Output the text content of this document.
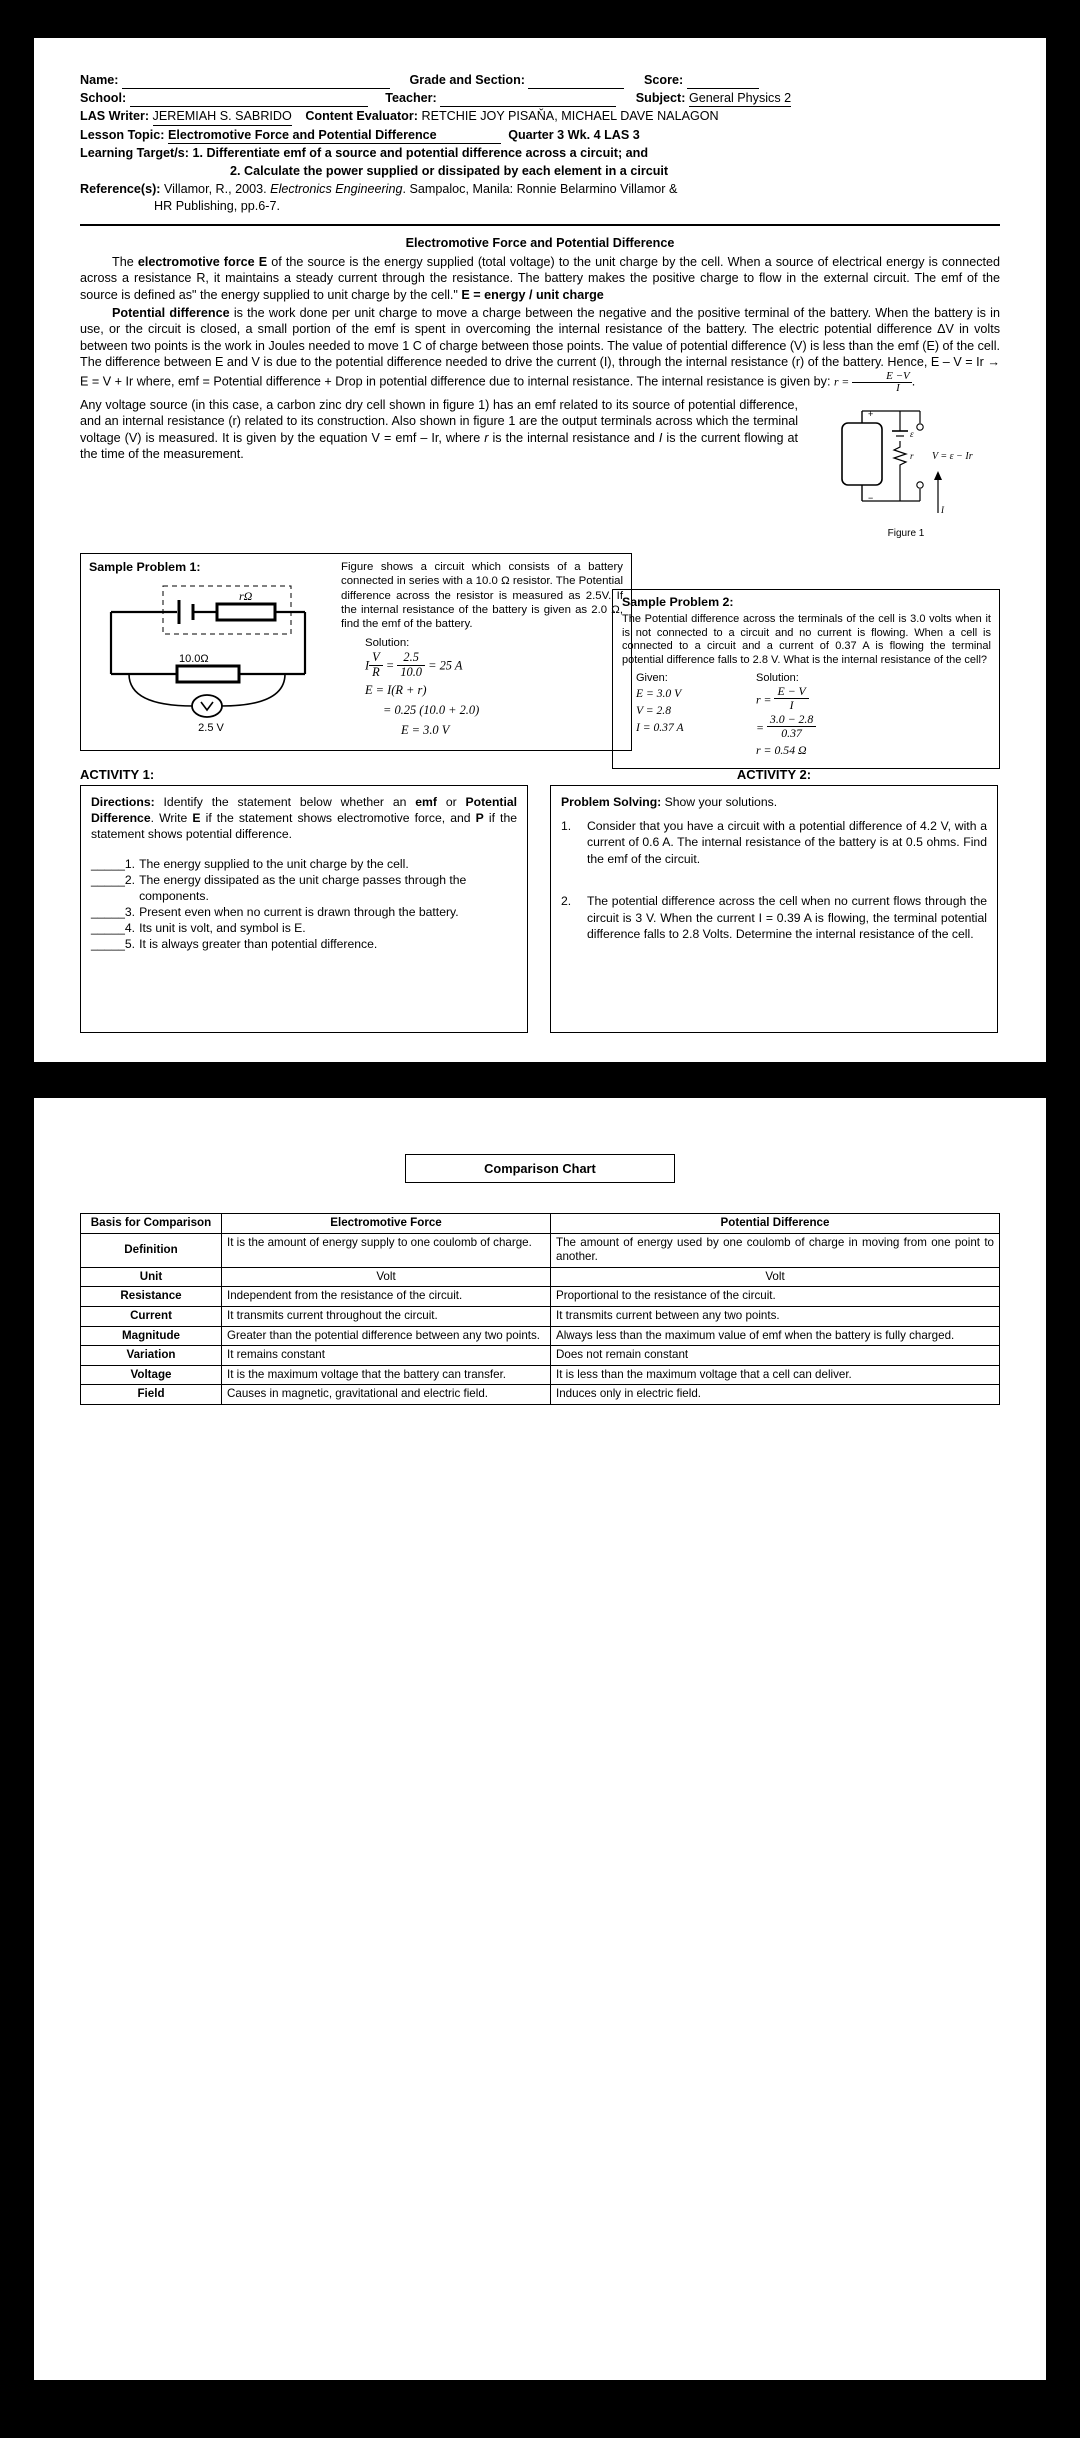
Name:	Grade and Section:	Score:
School:	Teacher:	Subject: General Physics 2
LAS Writer: JEREMIAH S. SABRIDO Content Evaluator: RETCHIE JOY PISAŇA, MICHAEL DAVE NALAGON
Lesson Topic: Electromotive Force and Potential Difference	Quarter 3 Wk. 4 LAS 3
Learning Target/s: 1. Differentiate emf of a source and potential difference across a circuit; and
2. Calculate the power supplied or dissipated by each element in a circuit
Reference(s): Villamor, R., 2003. Electronics Engineering. Sampaloc, Manila: Ronnie Belarmino Villamor &
HR Publishing, pp.6-7.
Electromotive Force and Potential Difference

The electromotive force E of the source is the energy supplied (total voltage) to the unit charge by the cell. When a source of electrical energy is connected across a resistance R, it maintains a steady current through the resistance. The battery makes the positive charge to flow in the external circuit. The emf of the source is defined as" the energy supplied to unit charge by the cell." E = energy / unit charge

Potential difference is the work done per unit charge to move a charge between the negative and the positive terminal of the battery. When the battery is in use, or the circuit is closed, a small portion of the emf is spent in overcoming the internal resistance of the battery. The electric potential difference ΔV in volts between two points is the work in Joules needed to move 1 C of charge between those points. The value of potential difference (V) is less than the emf (E) of the cell. The difference between E and V is due to the potential difference needed to drive the current (I), through the internal resistance (r) of the battery. Hence, E – V = Ir → E = V + Ir where, emf = Potential difference + Drop in potential difference due to internal resistance. The internal resistance is given by: $r = \frac{E -V}{I}$ .

+
−
ε
r V = ε − Ir
I
Figure 1

Any voltage source (in this case, a carbon zinc dry cell shown in figure 1) has an emf related to its source of potential difference, and an internal resistance (r) related to its construction. Also shown in figure 1 are the output terminals across which the terminal voltage (V) is measured. It is given by the equation V = emf – Ir, where r is the internal resistance and I is the current flowing at the time of the measurement.

Sample Problem 1:
rΩ
10.0Ω
2.5 V
Figure shows a circuit which consists of a battery connected in series with a 10.0 Ω resistor. The Potential difference across the resistor is measured as 2.5V. If the internal resistance of the battery is given as 2.0 Ω, find the emf of the battery.
Solution:
I $\frac{V}{R} = \frac{2.5}{10.0} = 25$ A
E = I(R + r)
= 0.25 (10.0 + 2.0)
E = 3.0 V
Sample Problem 2:
The Potential difference across the terminals of the cell is 3.0 volts when it is not connected to a circuit and no current is flowing. When a cell is connected to a circuit and a current of 0.37 A is flowing the terminal potential difference falls to 2.8 V. What is the internal resistance of the cell?
Given:
E = 3.0 V
V = 2.8
I = 0.37 A
Solution:
$r = \frac{E - V}{I}$
= $\frac{3.0 - 2.8}{0.37}$
r = 0.54 Ω
ACTIVITY 1:
Directions: Identify the statement below whether an emf or Potential Difference. Write E if the statement shows electromotive force, and P if the statement shows potential difference.
_____ 1. The energy supplied to the unit charge by the cell.
_____ 2. The energy dissipated as the unit charge passes through the components.
_____ 3. Present even when no current is drawn through the battery.
_____ 4. Its unit is volt, and symbol is E.
_____ 5. It is always greater than potential difference.
ACTIVITY 2:
Problem Solving: Show your solutions.
1.	Consider that you have a circuit with a potential difference of 4.2 V, with a current of 0.6 A. The internal resistance of the battery is at 0.5 ohms. Find the emf of the circuit.
2.	The potential difference across the cell when no current flows through the circuit is 3 V. When the current I = 0.39 A is flowing, the terminal potential difference falls to 2.8 Volts. Determine the internal resistance of the cell.
Comparison Chart
Basis for Comparison	Electromotive Force	Potential Difference
Definition	It is the amount of energy supply to one coulomb of charge.	The amount of energy used by one coulomb of charge in moving from one point to another.
Unit	Volt	Volt
Resistance	Independent from the resistance of the circuit.	Proportional to the resistance of the circuit.
Current	It transmits current throughout the circuit.	It transmits current between any two points.
Magnitude	Greater than the potential difference between any two points.	Always less than the maximum value of emf when the battery is fully charged.
Variation	It remains constant	Does not remain constant
Voltage	It is the maximum voltage that the battery can transfer.	It is less than the maximum voltage that a cell can deliver.
Field	Causes in magnetic, gravitational and electric field.	Induces only in electric field.
